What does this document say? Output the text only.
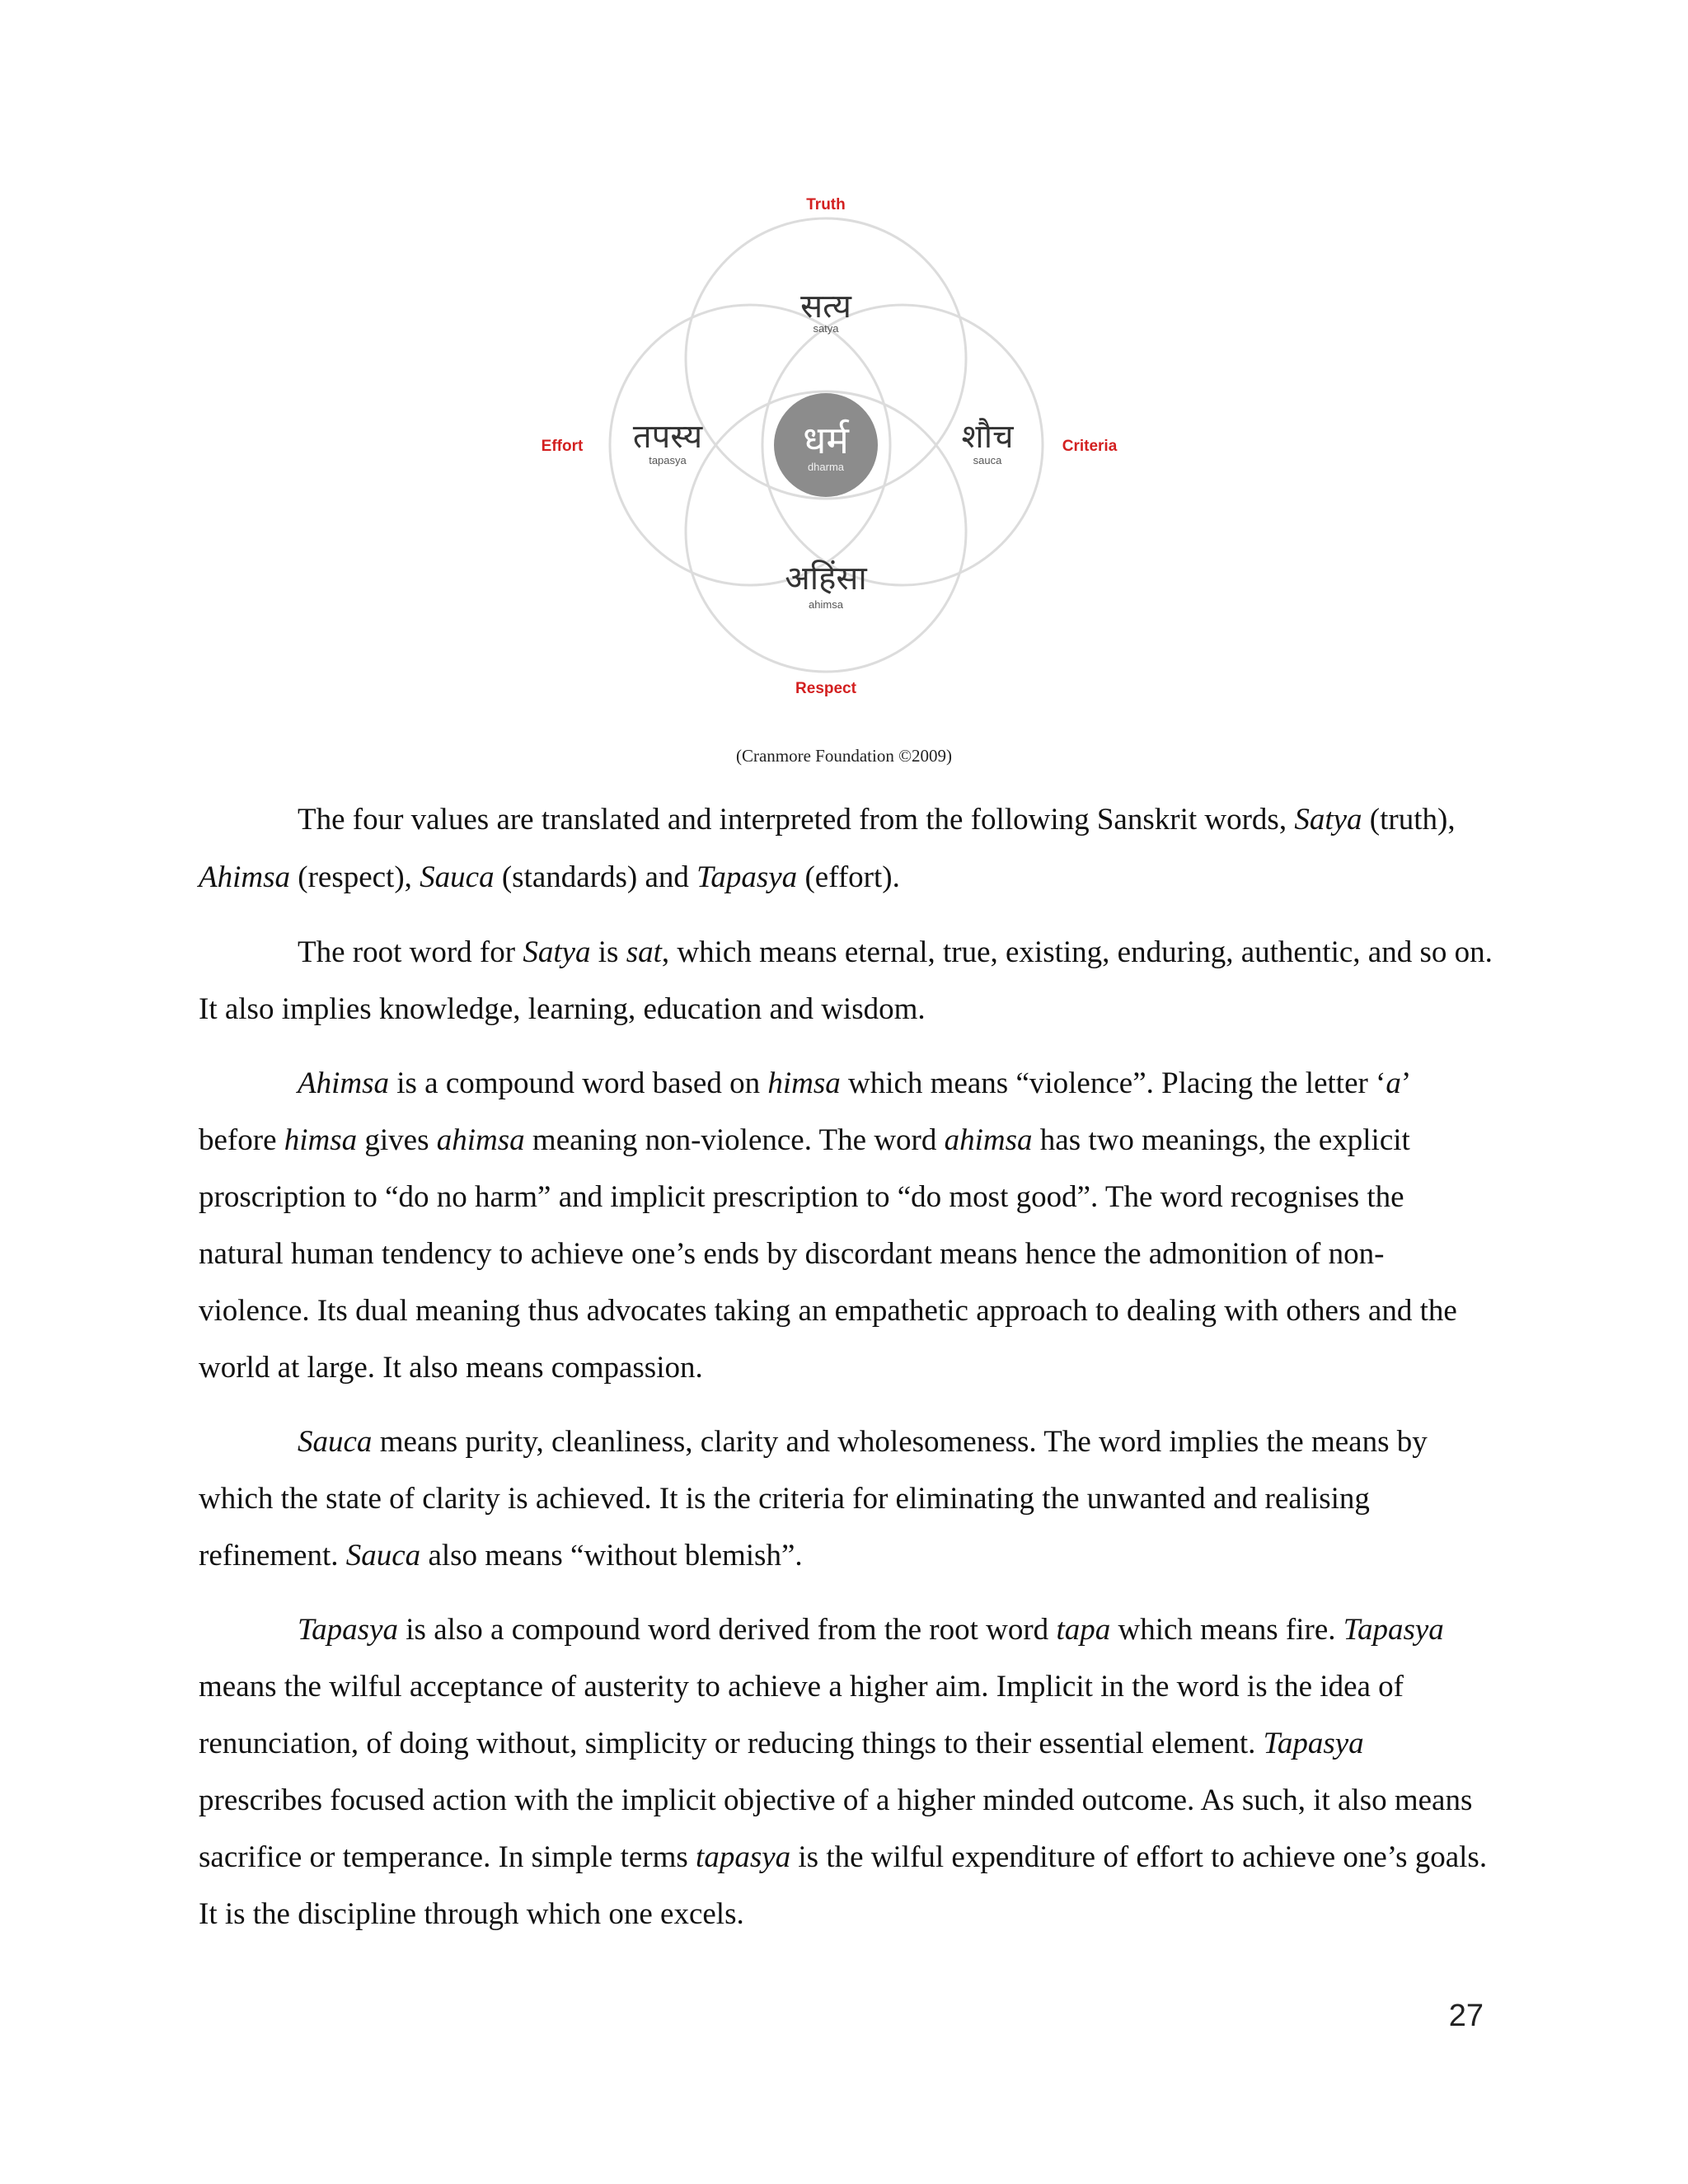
धर्म
dharma
सत्य
satya
तपस्य
tapasya
शौच
sauca
अहिंसा
ahimsa
Truth
Effort	Criteria
Respect
(Cranmore Foundation ©2009)

The four values are translated and interpreted from the following Sanskrit words, Satya (truth), Ahimsa (respect), Sauca (standards) and Tapasya (effort).

The root word for Satya is sat, which means eternal, true, existing, enduring, authentic, and so on. It also implies knowledge, learning, education and wisdom.

Ahimsa is a compound word based on himsa which means “violence”. Placing the letter ‘a’ before himsa gives ahimsa meaning non-violence. The word ahimsa has two meanings, the explicit proscription to “do no harm” and implicit prescription to “do most good”. The word recognises the natural human tendency to achieve one’s ends by discordant means hence the admonition of non-violence. Its dual meaning thus advocates taking an empathetic approach to dealing with others and the world at large. It also means compassion.

Sauca means purity, cleanliness, clarity and wholesomeness. The word implies the means by which the state of clarity is achieved. It is the criteria for eliminating the unwanted and realising refinement. Sauca also means “without blemish”.

Tapasya is also a compound word derived from the root word tapa which means fire. Tapasya means the wilful acceptance of austerity to achieve a higher aim. Implicit in the word is the idea of renunciation, of doing without, simplicity or reducing things to their essential element. Tapasya prescribes focused action with the implicit objective of a higher minded outcome. As such, it also means sacrifice or temperance. In simple terms tapasya is the wilful expenditure of effort to achieve one’s goals. It is the discipline through which one excels.

27
